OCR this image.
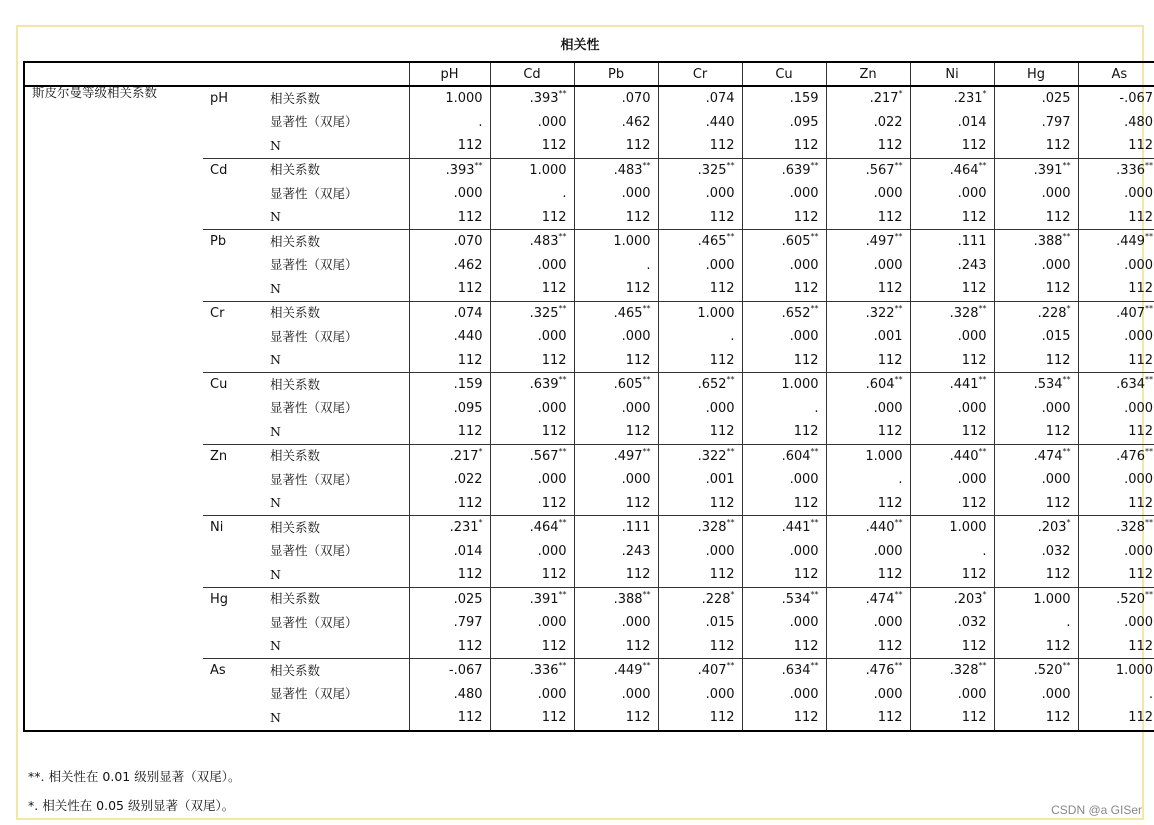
相关性
			pH	Cd	Pb	Cr	Cu	Zn	Ni	Hg	As
斯皮尔曼等级相关系数	pH	相关系数	1.000	.393**	.070	.074	.159	.217*	.231*	.025	-.067
		显著性（双尾）	.	.000	.462	.440	.095	.022	.014	.797	.480
		N	112	112	112	112	112	112	112	112	112
	Cd	相关系数	.393**	1.000	.483**	.325**	.639**	.567**	.464**	.391**	.336**
		显著性（双尾）	.000	.	.000	.000	.000	.000	.000	.000	.000
		N	112	112	112	112	112	112	112	112	112
	Pb	相关系数	.070	.483**	1.000	.465**	.605**	.497**	.111	.388**	.449**
		显著性（双尾）	.462	.000	.	.000	.000	.000	.243	.000	.000
		N	112	112	112	112	112	112	112	112	112
	Cr	相关系数	.074	.325**	.465**	1.000	.652**	.322**	.328**	.228*	.407**
		显著性（双尾）	.440	.000	.000	.	.000	.001	.000	.015	.000
		N	112	112	112	112	112	112	112	112	112
	Cu	相关系数	.159	.639**	.605**	.652**	1.000	.604**	.441**	.534**	.634**
		显著性（双尾）	.095	.000	.000	.000	.	.000	.000	.000	.000
		N	112	112	112	112	112	112	112	112	112
	Zn	相关系数	.217*	.567**	.497**	.322**	.604**	1.000	.440**	.474**	.476**
		显著性（双尾）	.022	.000	.000	.001	.000	.	.000	.000	.000
		N	112	112	112	112	112	112	112	112	112
	Ni	相关系数	.231*	.464**	.111	.328**	.441**	.440**	1.000	.203*	.328**
		显著性（双尾）	.014	.000	.243	.000	.000	.000	.	.032	.000
		N	112	112	112	112	112	112	112	112	112
	Hg	相关系数	.025	.391**	.388**	.228*	.534**	.474**	.203*	1.000	.520**
		显著性（双尾）	.797	.000	.000	.015	.000	.000	.032	.	.000
		N	112	112	112	112	112	112	112	112	112
	As	相关系数	-.067	.336**	.449**	.407**	.634**	.476**	.328**	.520**	1.000
		显著性（双尾）	.480	.000	.000	.000	.000	.000	.000	.000	.
		N	112	112	112	112	112	112	112	112	112
**. 相关性在 0.01 级别显著（双尾）。
*. 相关性在 0.05 级别显著（双尾）。	CSDN @a GISer
